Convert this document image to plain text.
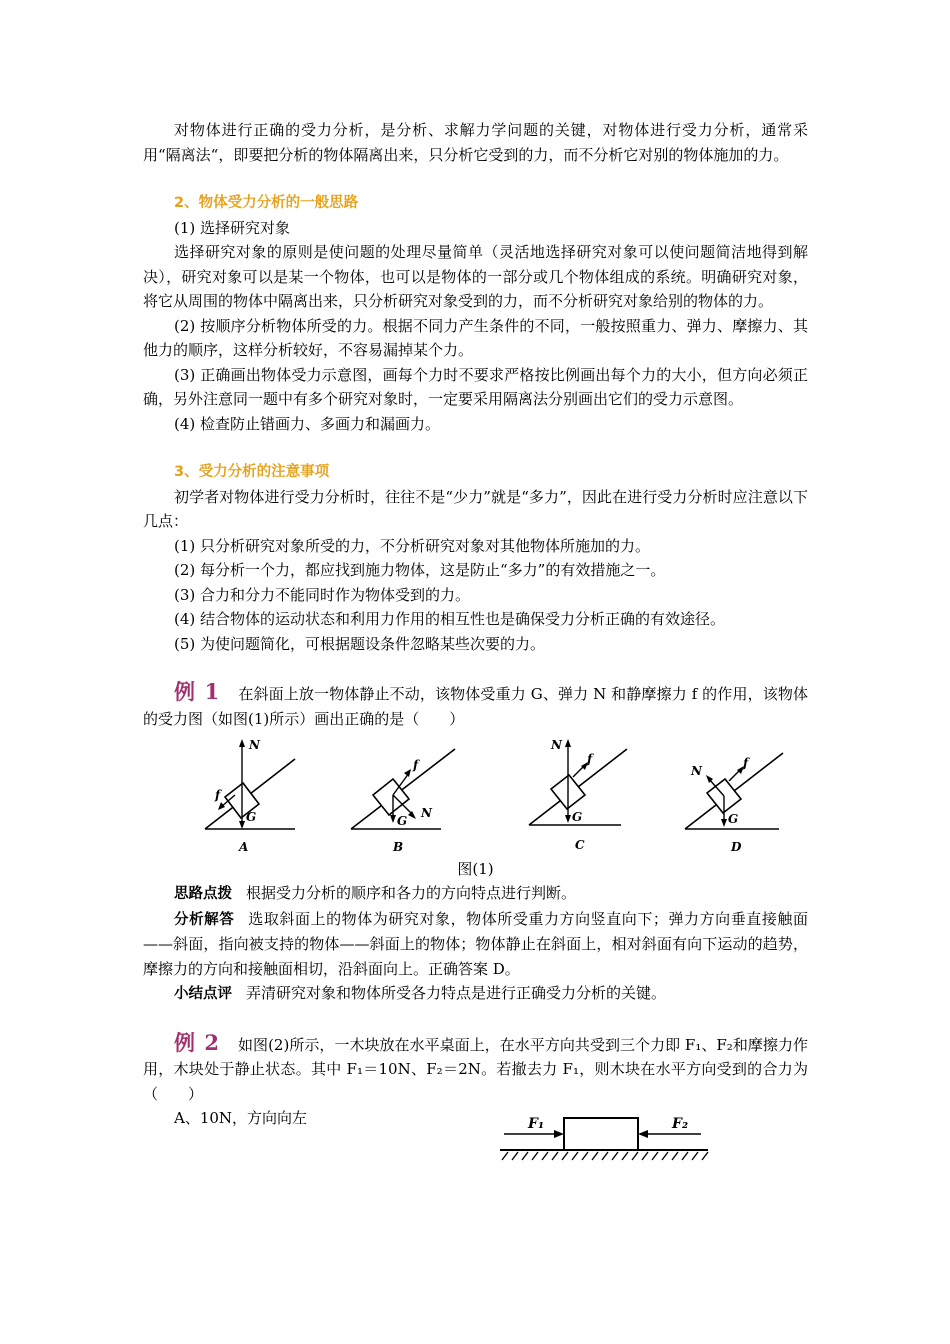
对物体进行正确的受力分析，是分析、求解力学问题的关键，对物体进行受力分析，通常采用“隔离法“，即要把分析的物体隔离出来，只分析它受到的力，而不分析它对别的物体施加的力。

2、物体受力分析的一般思路

(1) 选择研究对象

选择研究对象的原则是使问题的处理尽量简单（灵活地选择研究对象可以使问题简洁地得到解决），研究对象可以是某一个物体，也可以是物体的一部分或几个物体组成的系统。明确研究对象，将它从周围的物体中隔离出来，只分析研究对象受到的力，而不分析研究对象给别的物体的力。

(2) 按顺序分析物体所受的力。根据不同力产生条件的不同，一般按照重力、弹力、摩擦力、其他力的顺序，这样分析较好，不容易漏掉某个力。

(3) 正确画出物体受力示意图，画每个力时不要求严格按比例画出每个力的大小，但方向必须正确，另外注意同一题中有多个研究对象时，一定要采用隔离法分别画出它们的受力示意图。

(4) 检查防止错画力、多画力和漏画力。

3、受力分析的注意事项

初学者对物体进行受力分析时，往往不是“少力”就是“多力”，因此在进行受力分析时应注意以下几点：

(1) 只分析研究对象所受的力，不分析研究对象对其他物体所施加的力。

(2) 每分析一个力，都应找到施力物体，这是防止“多力”的有效措施之一。

(3) 合力和分力不能同时作为物体受到的力。

(4) 结合物体的运动状态和利用力作用的相互性也是确保受力分析正确的有效途径。

(5) 为使问题简化，可根据题设条件忽略某些次要的力。

例 1 在斜面上放一物体静止不动，该物体受重力 G、弹力 N 和静摩擦力 f 的作用，该物体的受力图（如图(1)所示）画出正确的是（　　）

N
f
G
A
f
G
N
B
N
f
G
C
N
f
G
D
图(1)

思路点拨 根据受力分析的顺序和各力的方向特点进行判断。

分析解答 选取斜面上的物体为研究对象，物体所受重力方向竖直向下；弹力方向垂直接触面——斜面，指向被支持的物体——斜面上的物体；物体静止在斜面上，相对斜面有向下运动的趋势，摩擦力的方向和接触面相切，沿斜面向上。正确答案 D。

小结点评 弄清研究对象和物体所受各力特点是进行正确受力分析的关键。

例 2 如图(2)所示，一木块放在水平桌面上，在水平方向共受到三个力即 F₁、F₂和摩擦力作用，木块处于静止状态。其中 F₁＝10N、F₂＝2N。若撤去力 F₁，则木块在水平方向受到的合力为（　　）

A、10N，方向向左	F₁	F₂
